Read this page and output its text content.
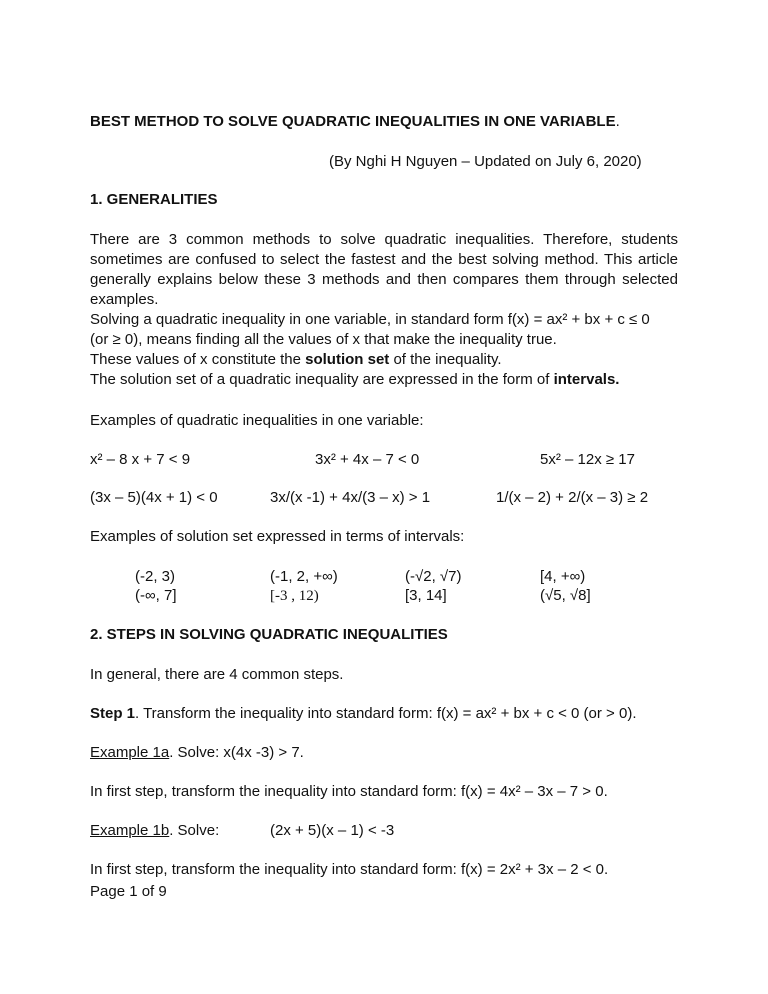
BEST METHOD TO SOLVE QUADRATIC INEQUALITIES IN ONE VARIABLE.
(By Nghi H Nguyen – Updated on July 6, 2020)
1. GENERALITIES
There are 3 common methods to solve quadratic inequalities. Therefore, students sometimes are confused to select the fastest and the best solving method. This article generally explains below these 3 methods and then compares them through selected examples.
Solving a quadratic inequality in one variable, in standard form f(x) = ax² + bx + c ≤ 0
(or ≥ 0), means finding all the values of x that make the inequality true.
These values of x constitute the solution set of the inequality.
The solution set of a quadratic inequality are expressed in the form of intervals.
Examples of quadratic inequalities in one variable:
x² – 8 x + 7 < 9	3x² + 4x – 7 < 0	5x² – 12x ≥ 17
(3x – 5)(4x + 1) < 0	3x/(x -1) + 4x/(3 – x) > 1	1/(x – 2) + 2/(x – 3) ≥ 2
Examples of solution set expressed in terms of intervals:
(-2, 3)	(-1, 2, +∞)	(-√2, √7)	[4, +∞)
(-∞, 7]	[-3 , 12)	[3, 14]	(√5, √8]
2. STEPS IN SOLVING QUADRATIC INEQUALITIES
In general, there are 4 common steps.
Step 1. Transform the inequality into standard form: f(x) = ax² + bx + c < 0 (or > 0).
Example 1a. Solve: x(4x -3) > 7.
In first step, transform the inequality into standard form: f(x) = 4x² – 3x – 7 > 0.
Example 1b. Solve:	(2x + 5)(x – 1) < -3
In first step, transform the inequality into standard form: f(x) = 2x² + 3x – 2 < 0.
Page 1 of 9
